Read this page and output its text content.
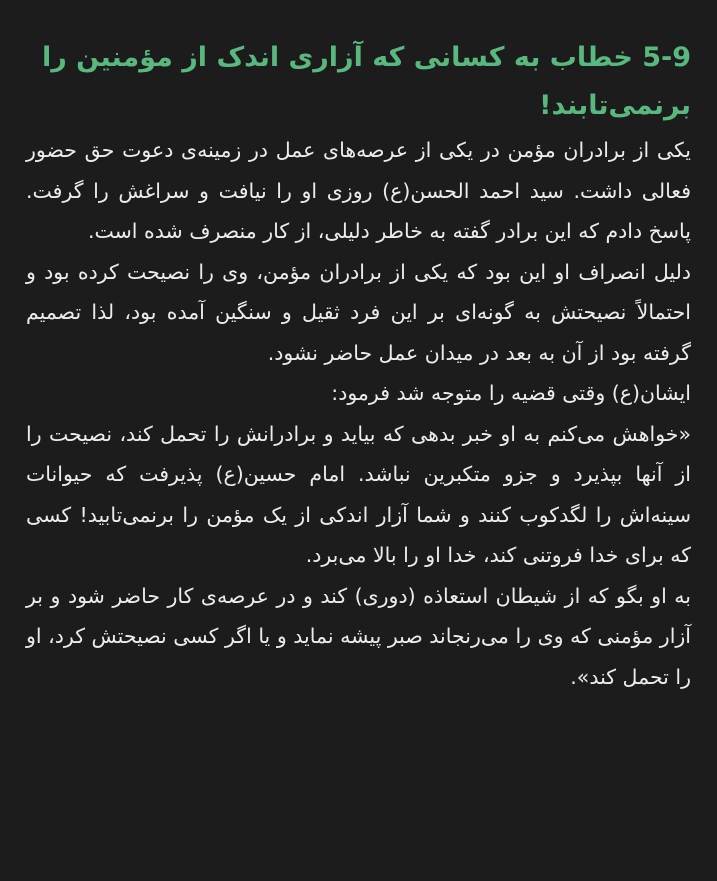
5-9 خطاب به کسانی که آزاری اندک از مؤمنین را برنمی‌تابند!

یکی از برادران مؤمن در یکی از عرصه‌های عمل در زمینه‌ی دعوت حق حضور فعالی داشت. سید احمد الحسن(ع) روزی او را نیافت و سراغش را گرفت. پاسخ دادم که این برادر گفته به خاطر دلیلی، از کار منصرف شده است.

دلیل انصراف او این بود که یکی از برادران مؤمن، وی را نصیحت کرده بود و احتمالاً نصیحتش به گونه‌ای بر این فرد ثقیل و سنگین آمده بود، لذا تصمیم گرفته بود از آن به بعد در میدان عمل حاضر نشود.

ایشان(ع) وقتی قضیه را متوجه شد فرمود:

«خواهش می‌کنم به او خبر بدهی که بیاید و برادرانش را تحمل کند، نصیحت را از آنها بپذیرد و جزو متکبرین نباشد. امام حسین(ع) پذیرفت که حیوانات سینه‌اش را لگدکوب کنند و شما آزار اندکی از یک مؤمن را برنمی‌تابید! کسی که برای خدا فروتنی کند، خدا او را بالا می‌برد.

به او بگو که از شیطان استعاذه (دوری) کند و در عرصه‌ی کار حاضر شود و بر آزار مؤمنی که وی را می‌رنجاند صبر پیشه نماید و یا اگر کسی نصیحتش کرد، او را تحمل کند».
